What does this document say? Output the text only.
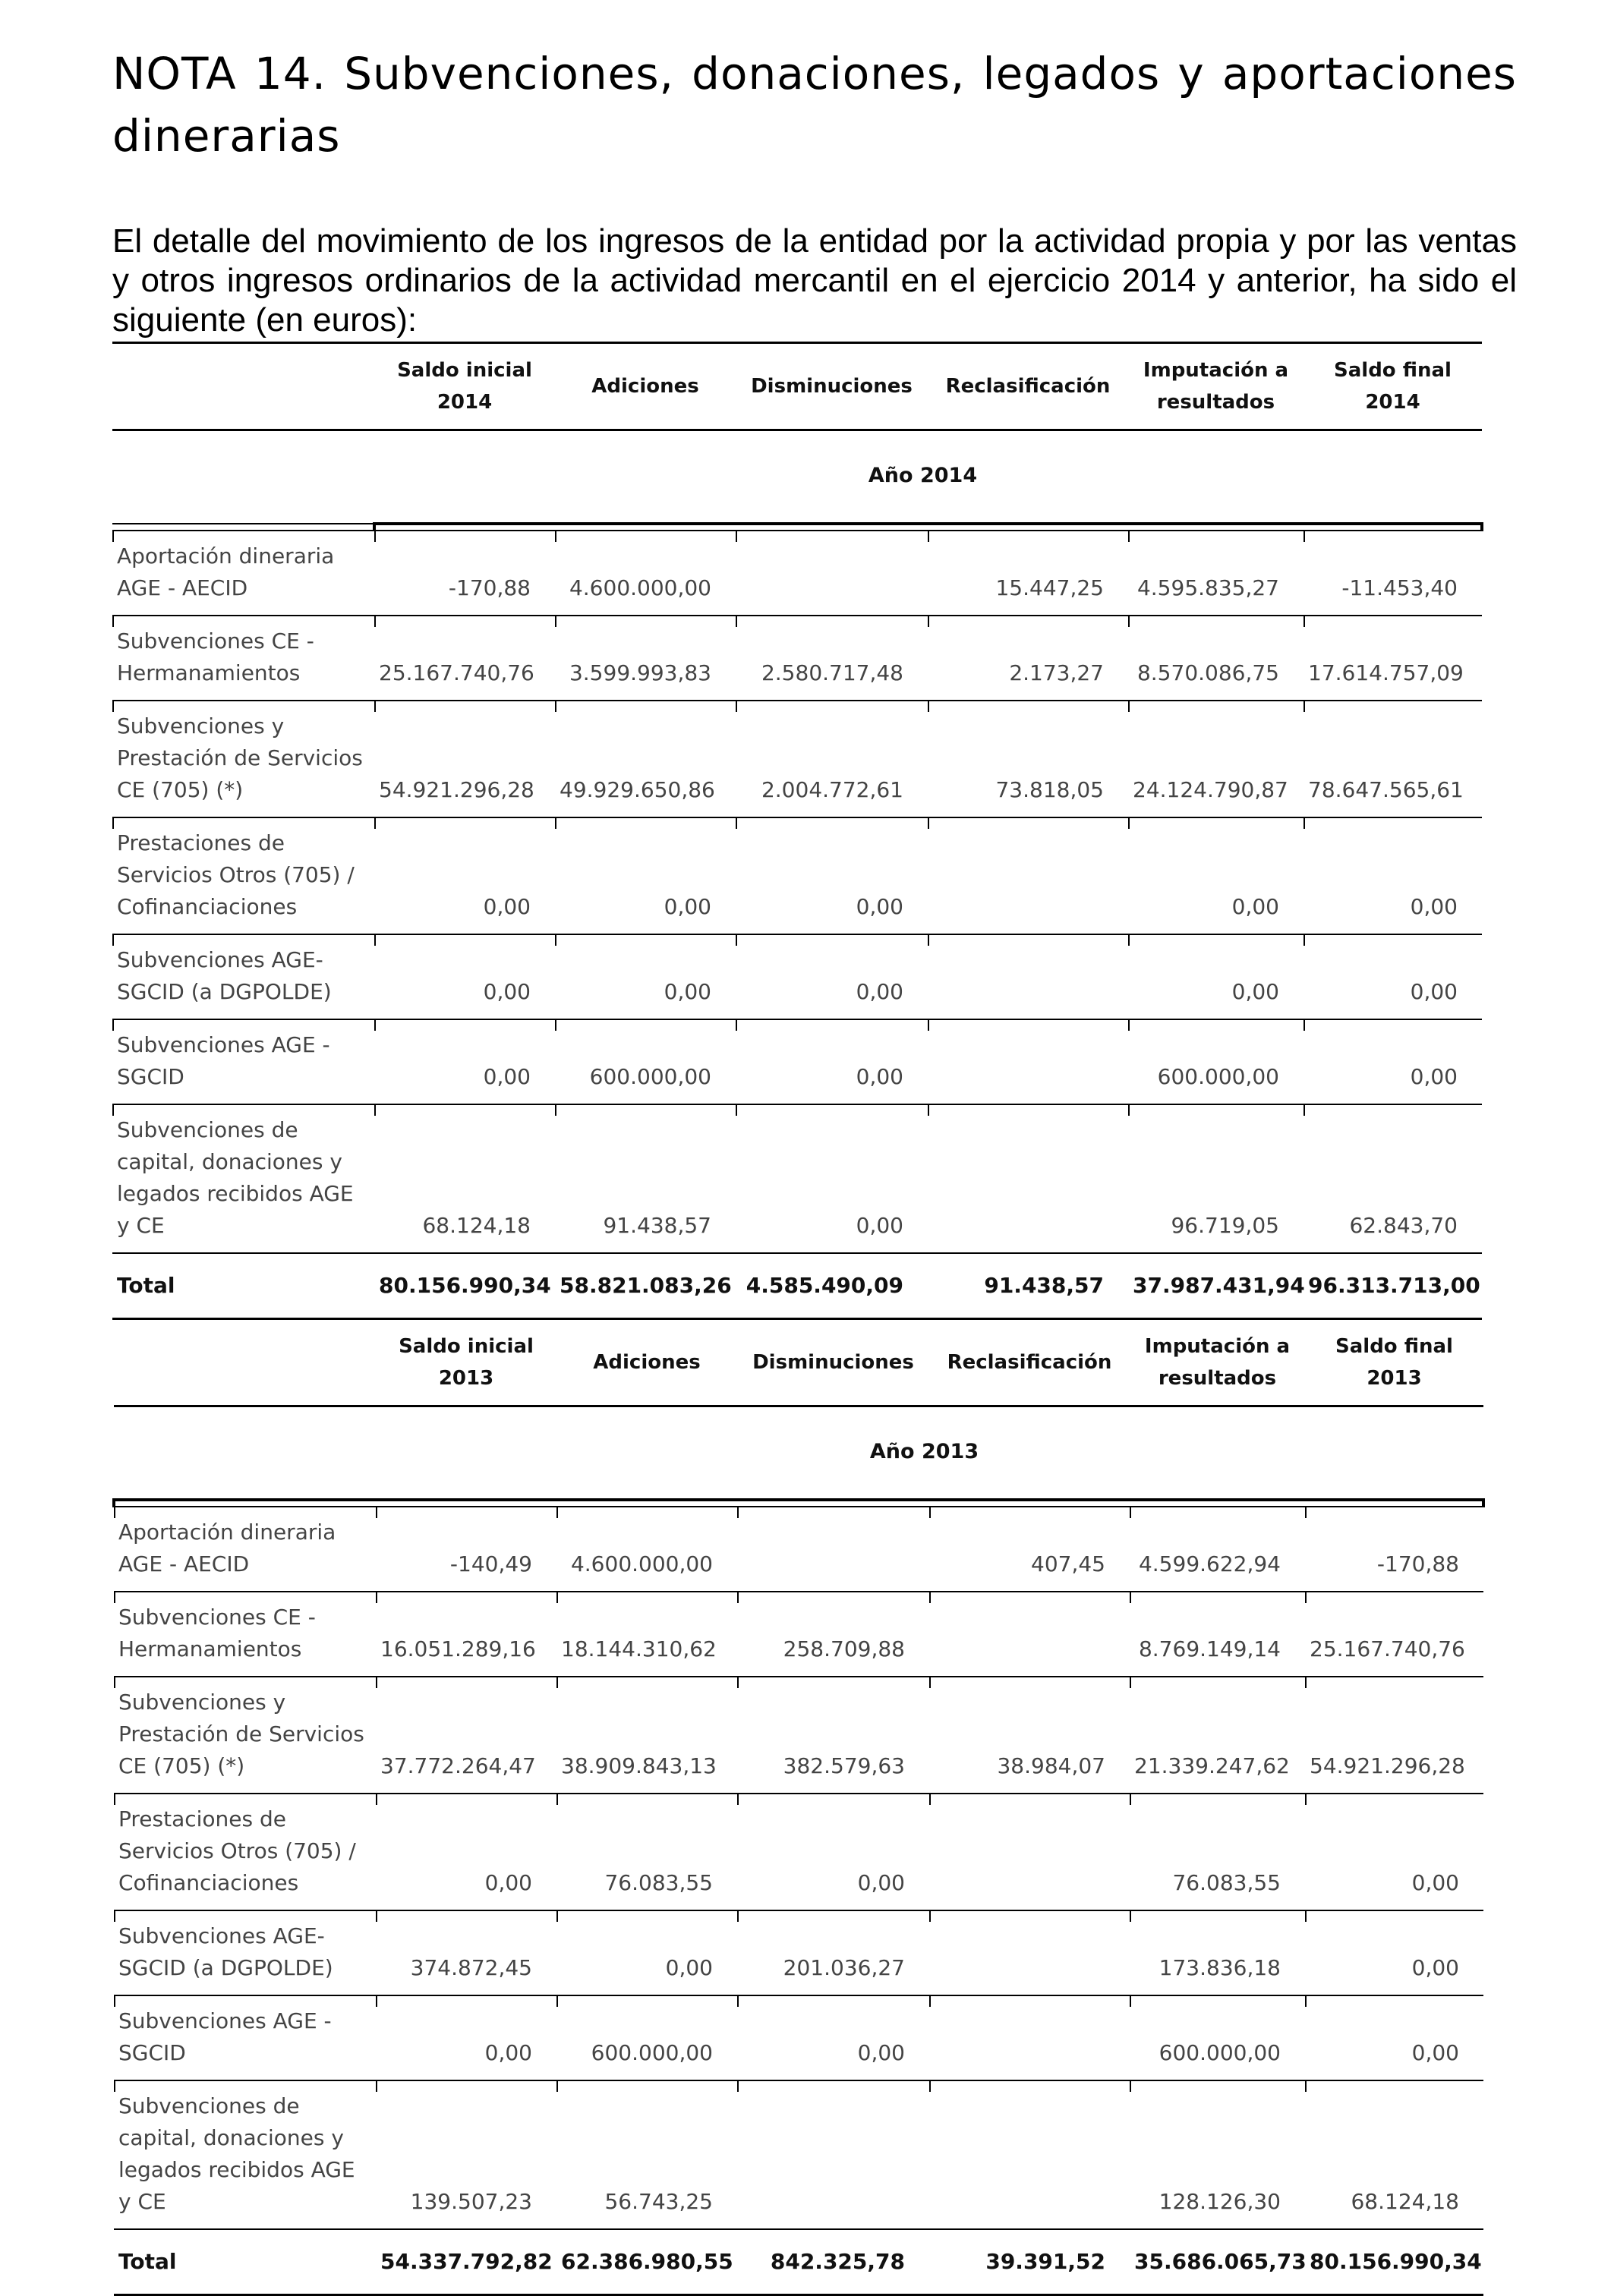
NOTA 14. Subvenciones, donaciones, legados y aportaciones dinerarias

El detalle del movimiento de los ingresos de la entidad por la actividad propia y por las ventas y otros ingresos ordinarios de la actividad mercantil en el ejercicio 2014 y anterior, ha sido el siguiente (en euros):

Año 2014						

	Saldo inicial 2014	Adiciones	Disminuciones	Reclasificación	Imputación a resultados	Saldo final 2014
Aportación dineraria AGE - AECID	-170,88	4.600.000,00		15.447,25	4.595.835,27	-11.453,40
Subvenciones CE - Hermanamientos	25.167.740,76	3.599.993,83	2.580.717,48	2.173,27	8.570.086,75	17.614.757,09
Subvenciones y Prestación de Servicios CE (705) (*)	54.921.296,28	49.929.650,86	2.004.772,61	73.818,05	24.124.790,87	78.647.565,61
Prestaciones de Servicios Otros (705) / Cofinanciaciones	0,00	0,00	0,00		0,00	0,00
Subvenciones AGE- SGCID (a DGPOLDE)	0,00	0,00	0,00		0,00	0,00
Subvenciones AGE - SGCID	0,00	600.000,00	0,00		600.000,00	0,00
Subvenciones de capital, donaciones y legados recibidos AGE y CE	68.124,18	91.438,57	0,00		96.719,05	62.843,70
Total	80.156.990,34	58.821.083,26	4.585.490,09	91.438,57	37.987.431,94	96.313.713,00
Año 2013						

	Saldo inicial 2013	Adiciones	Disminuciones	Reclasificación	Imputación a resultados	Saldo final 2013
Aportación dineraria AGE - AECID	-140,49	4.600.000,00		407,45	4.599.622,94	-170,88
Subvenciones CE - Hermanamientos	16.051.289,16	18.144.310,62	258.709,88		8.769.149,14	25.167.740,76
Subvenciones y Prestación de Servicios CE (705) (*)	37.772.264,47	38.909.843,13	382.579,63	38.984,07	21.339.247,62	54.921.296,28
Prestaciones de Servicios Otros (705) / Cofinanciaciones	0,00	76.083,55	0,00		76.083,55	0,00
Subvenciones AGE- SGCID (a DGPOLDE)	374.872,45	0,00	201.036,27		173.836,18	0,00
Subvenciones AGE - SGCID	0,00	600.000,00	0,00		600.000,00	0,00
Subvenciones de capital, donaciones y legados recibidos AGE y CE	139.507,23	56.743,25			128.126,30	68.124,18
Total	54.337.792,82	62.386.980,55	842.325,78	39.391,52	35.686.065,73	80.156.990,34
